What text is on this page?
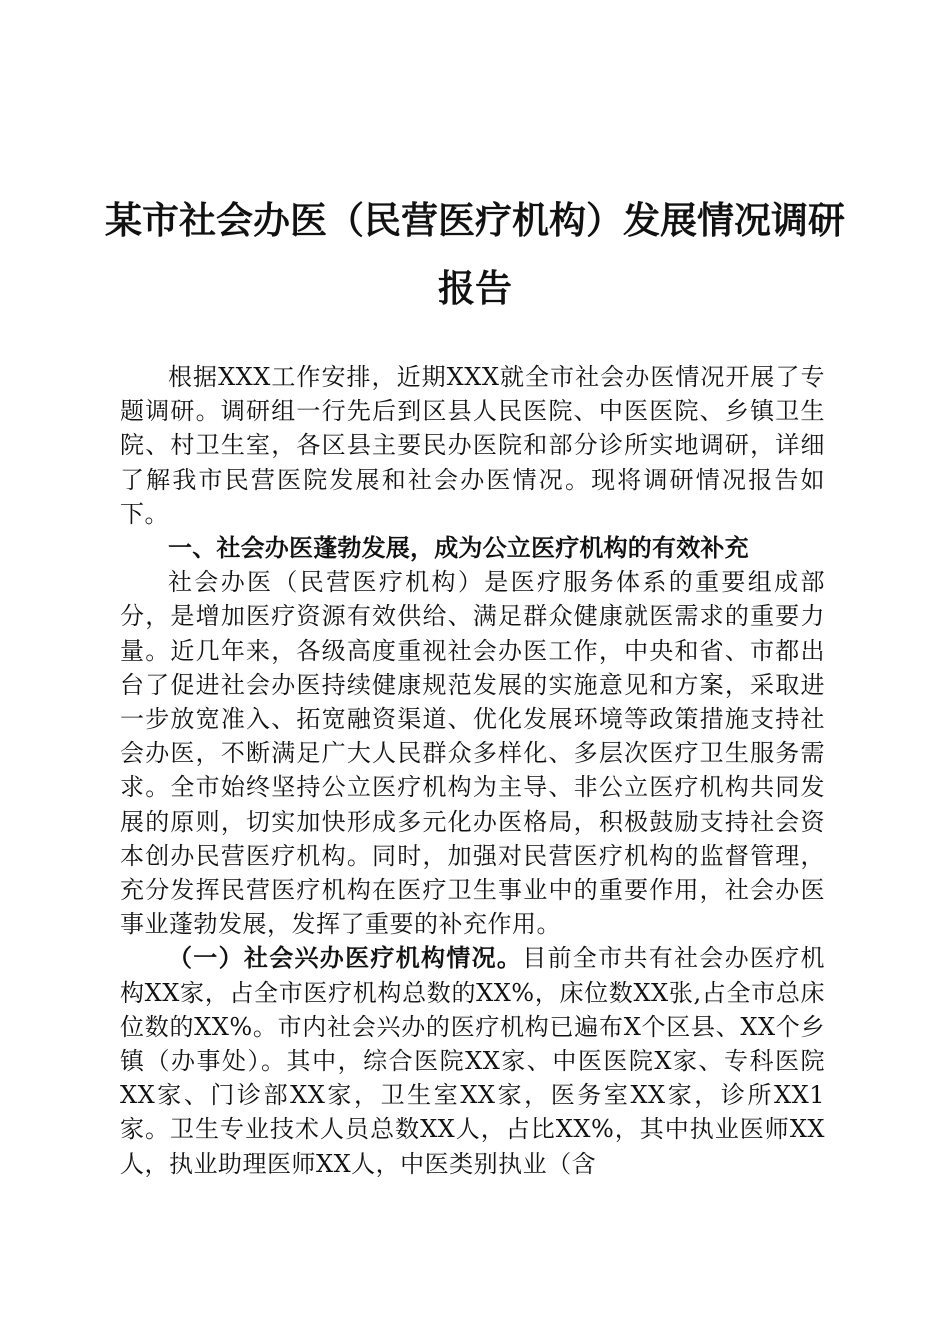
某市社会办医（民营医疗机构）发展情况调研
报告

根据XXX工作安排，近期XXX就全市社会办医情况开展了专题调研。调研组一行先后到区县人民医院、中医医院、乡镇卫生院、村卫生室，各区县主要民办医院和部分诊所实地调研，详细了解我市民营医院发展和社会办医情况。现将调研情况报告如下。

一、社会办医蓬勃发展，成为公立医疗机构的有效补充

社会办医（民营医疗机构）是医疗服务体系的重要组成部分，是增加医疗资源有效供给、满足群众健康就医需求的重要力量。近几年来，各级高度重视社会办医工作，中央和省、市都出台了促进社会办医持续健康规范发展的实施意见和方案，采取进一步放宽准入、拓宽融资渠道、优化发展环境等政策措施支持社会办医，不断满足广大人民群众多样化、多层次医疗卫生服务需求。全市始终坚持公立医疗机构为主导、非公立医疗机构共同发展的原则，切实加快形成多元化办医格局，积极鼓励支持社会资本创办民营医疗机构。同时，加强对民营医疗机构的监督管理，充分发挥民营医疗机构在医疗卫生事业中的重要作用，社会办医事业蓬勃发展，发挥了重要的补充作用。

（一）社会兴办医疗机构情况。目前全市共有社会办医疗机构XX家，占全市医疗机构总数的XX%，床位数XX张,占全市总床位数的XX%。市内社会兴办的医疗机构已遍布X个区县、XX个乡镇（办事处）。其中，综合医院XX家、中医医院X家、专科医院XX家、门诊部XX家，卫生室XX家，医务室XX家，诊所XX1家。卫生专业技术人员总数XX人，占比XX%，其中执业医师XX人，执业助理医师XX人，中医类别执业（含
